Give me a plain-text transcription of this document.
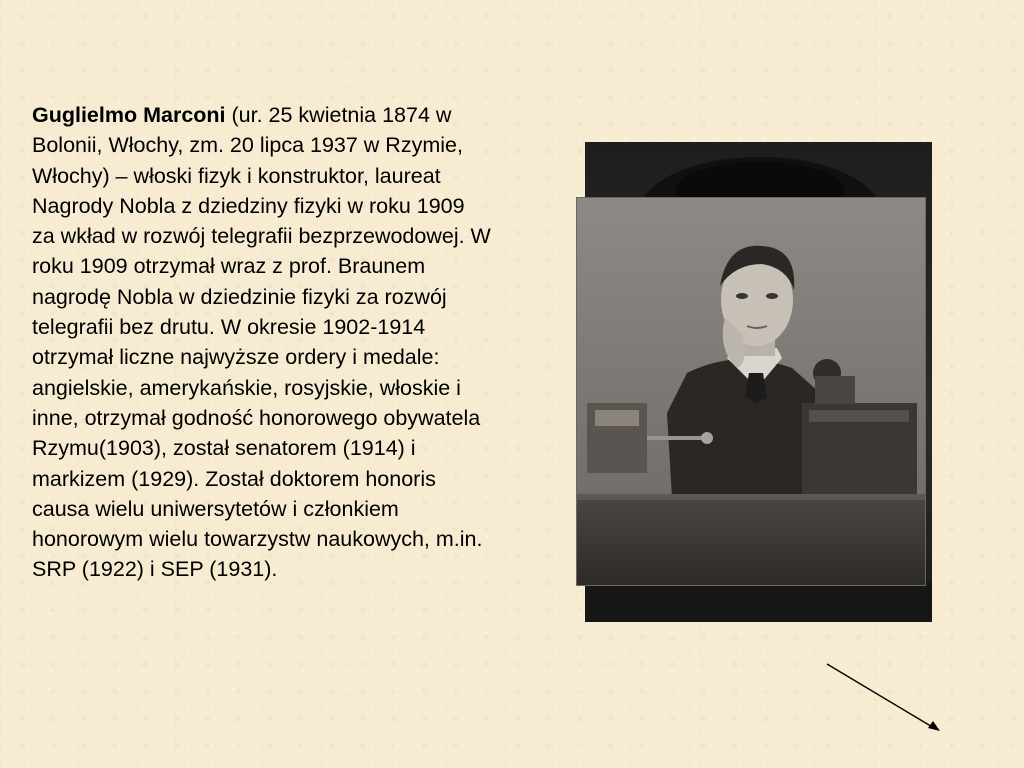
Guglielmo Marconi (ur. 25 kwietnia 1874 w Bolonii, Włochy, zm. 20 lipca 1937 w Rzymie, Włochy) – włoski fizyk i konstruktor, laureat Nagrody Nobla z dziedziny fizyki w roku 1909 za wkład w rozwój telegrafii bezprzewodowej. W roku 1909 otrzymał wraz z prof. Braunem nagrodę Nobla w dziedzinie fizyki za rozwój telegrafii bez drutu. W okresie 1902-1914 otrzymał liczne najwyższe ordery i medale: angielskie, amerykańskie, rosyjskie, włoskie i inne, otrzymał godność honorowego obywatela Rzymu(1903), został senatorem (1914) i markizem (1929). Został doktorem honoris causa wielu uniwersytetów i członkiem honorowym wielu towarzystw naukowych, m.in. SRP (1922) i SEP (1931).
